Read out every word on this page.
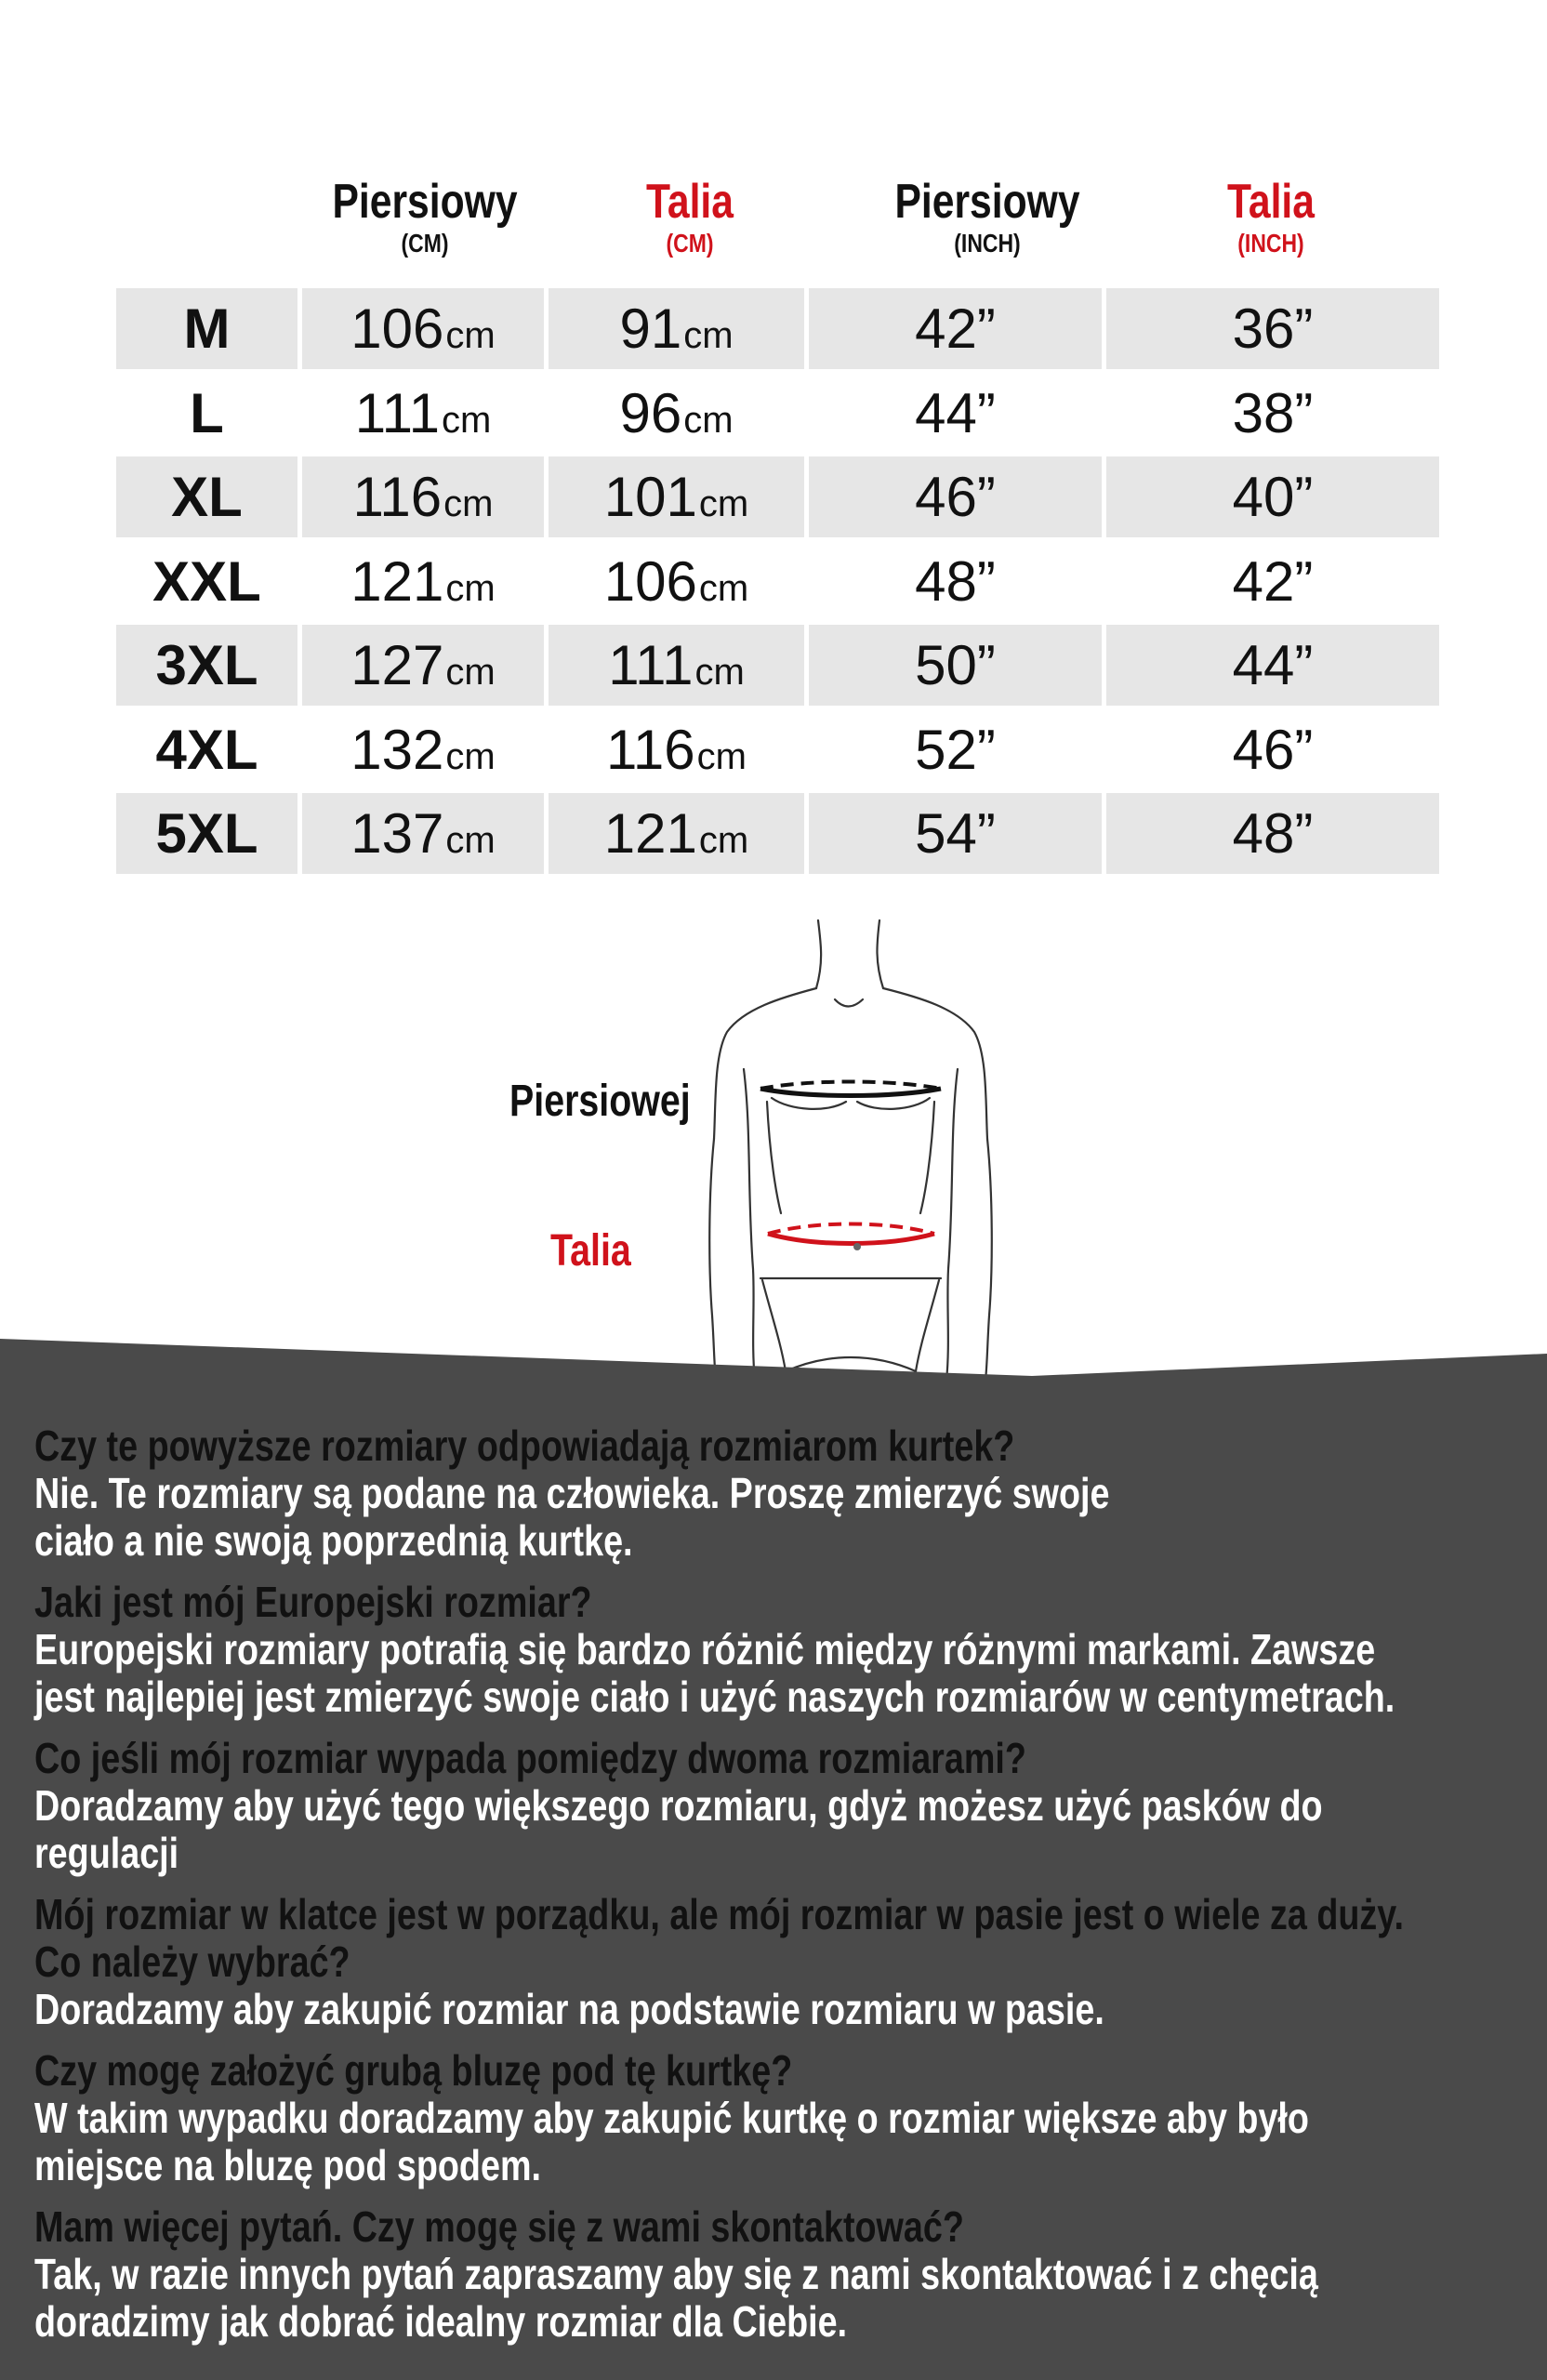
Piersiowy
(CM)
Talia
(CM)
Piersiowy
(INCH)
Talia
(INCH)
M 106 cm 91 cm	42”	36”
L 111 cm 96 cm	44”	38”
XL 116 cm 101 cm	46”	40”
XXL 121 cm 106 cm	48”	42”
3XL 127 cm 111 cm	50”	44”
4XL 132 cm 116 cm	52”	46”
5XL 137 cm 121 cm	54”	48”
Piersiowej
Talia
Czy te powyższe rozmiary odpowiadają rozmiarom kurtek?
Nie. Te rozmiary są podane na człowieka. Proszę zmierzyć swoje
ciało a nie swoją poprzednią kurtkę.
Jaki jest mój Europejski rozmiar?
Europejski rozmiary potrafią się bardzo różnić między różnymi markami. Zawsze
jest najlepiej jest zmierzyć swoje ciało i użyć naszych rozmiarów w centymetrach.
Co jeśli mój rozmiar wypada pomiędzy dwoma rozmiarami?
Doradzamy aby użyć tego większego rozmiaru, gdyż możesz użyć pasków do
regulacji
Mój rozmiar w klatce jest w porządku, ale mój rozmiar w pasie jest o wiele za duży.
Co należy wybrać?
Doradzamy aby zakupić rozmiar na podstawie rozmiaru w pasie.
Czy mogę założyć grubą bluzę pod tę kurtkę?
W takim wypadku doradzamy aby zakupić kurtkę o rozmiar większe aby było
miejsce na bluzę pod spodem.
Mam więcej pytań. Czy mogę się z wami skontaktować?
Tak, w razie innych pytań zapraszamy aby się z nami skontaktować i z chęcią
doradzimy jak dobrać idealny rozmiar dla Ciebie.
